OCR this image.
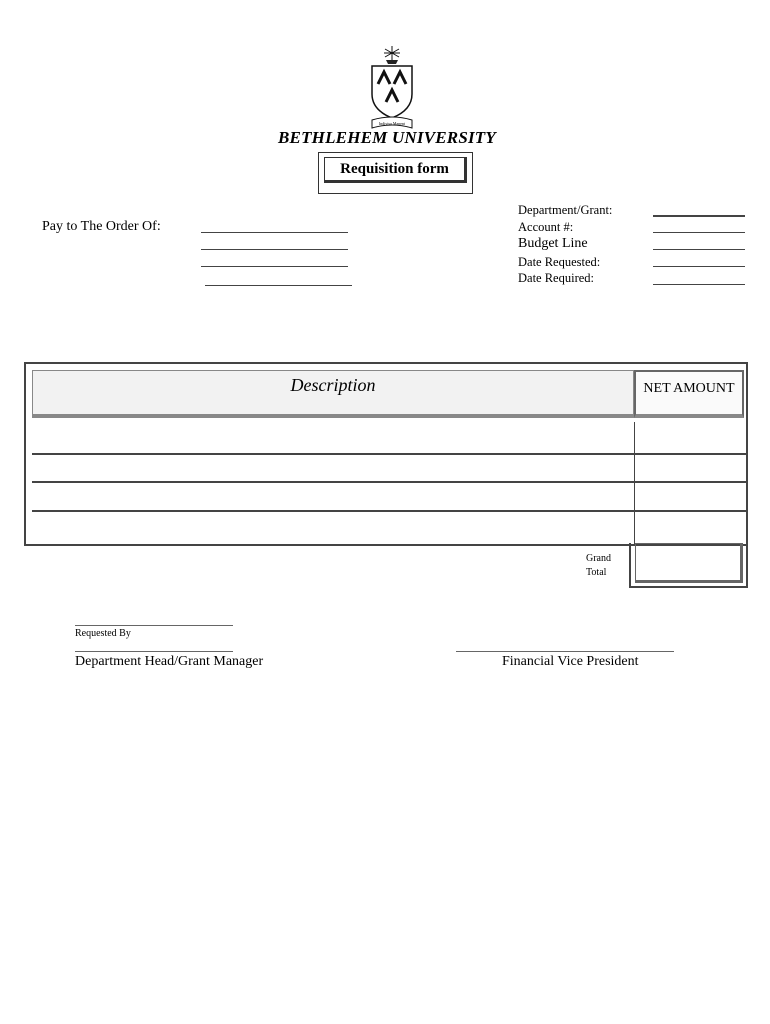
Indivisa Manent
BETHLEHEM UNIVERSITY
Requisition form
Pay to The Order Of:
Department/Grant:
Account #:
Budget Line
Date Requested:
Date Required:
Description	NET AMOUNT
Grand
Total
Requested By
Department Head/Grant Manager	Financial Vice President
